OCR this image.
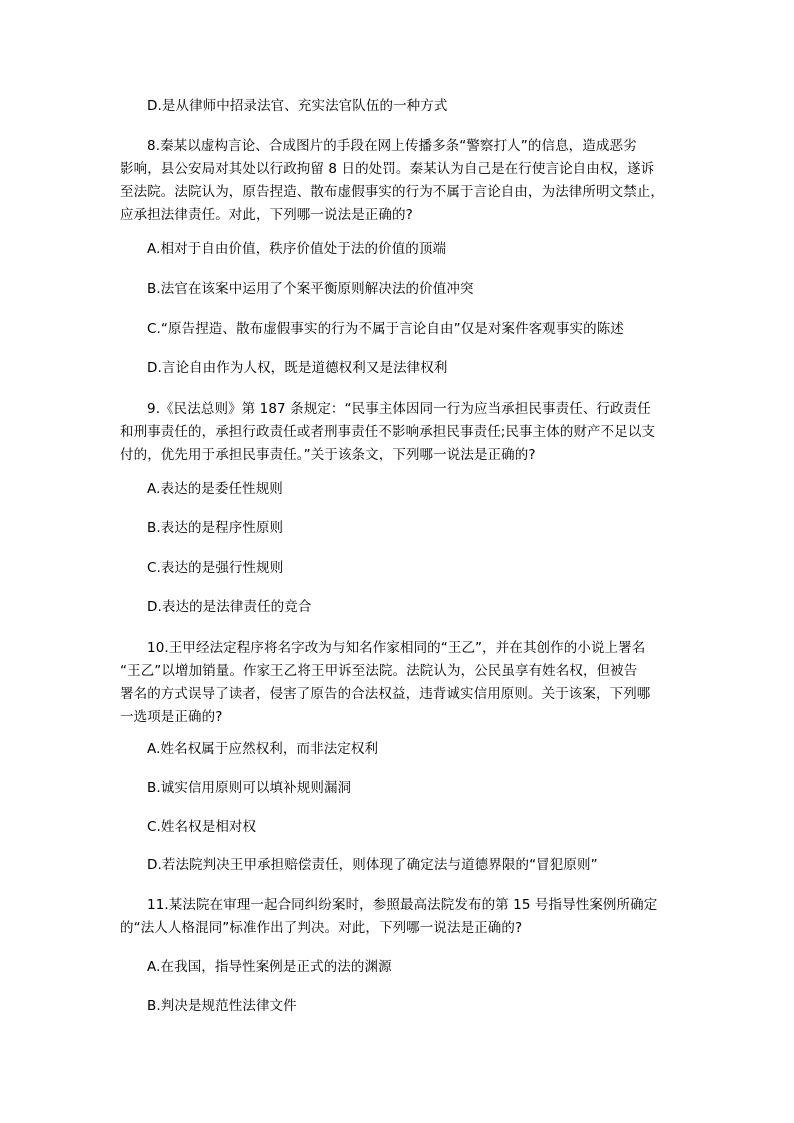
D.是从律师中招录法官、充实法官队伍的一种方式
8.秦某以虚构言论、合成图片的手段在网上传播多条“警察打人”的信息，造成恶劣
影响，县公安局对其处以行政拘留 8 日的处罚。秦某认为自己是在行使言论自由权，遂诉
至法院。法院认为，原告捏造、散布虚假事实的行为不属于言论自由，为法律所明文禁止，
应承担法律责任。对此，下列哪一说法是正确的?
A.相对于自由价值，秩序价值处于法的价值的顶端
B.法官在该案中运用了个案平衡原则解决法的价值冲突
C.“原告捏造、散布虚假事实的行为不属于言论自由”仅是对案件客观事实的陈述
D.言论自由作为人权，既是道德权利又是法律权利
9.《民法总则》第 187 条规定：“民事主体因同一行为应当承担民事责任、行政责任
和刑事责任的，承担行政责任或者刑事责任不影响承担民事责任;民事主体的财产不足以支
付的，优先用于承担民事责任。”关于该条文，下列哪一说法是正确的?
A.表达的是委任性规则
B.表达的是程序性原则
C.表达的是强行性规则
D.表达的是法律责任的竞合
10.王甲经法定程序将名字改为与知名作家相同的“王乙”，并在其创作的小说上署名
“王乙”以增加销量。作家王乙将王甲诉至法院。法院认为，公民虽享有姓名权，但被告
署名的方式误导了读者，侵害了原告的合法权益，违背诚实信用原则。关于该案，下列哪
一选项是正确的?
A.姓名权属于应然权利，而非法定权利
B.诚实信用原则可以填补规则漏洞
C.姓名权是相对权
D.若法院判决王甲承担赔偿责任，则体现了确定法与道德界限的“冒犯原则”
11.某法院在审理一起合同纠纷案时，参照最高法院发布的第 15 号指导性案例所确定
的“法人人格混同”标准作出了判决。对此，下列哪一说法是正确的?
A.在我国，指导性案例是正式的法的渊源
B.判决是规范性法律文件
